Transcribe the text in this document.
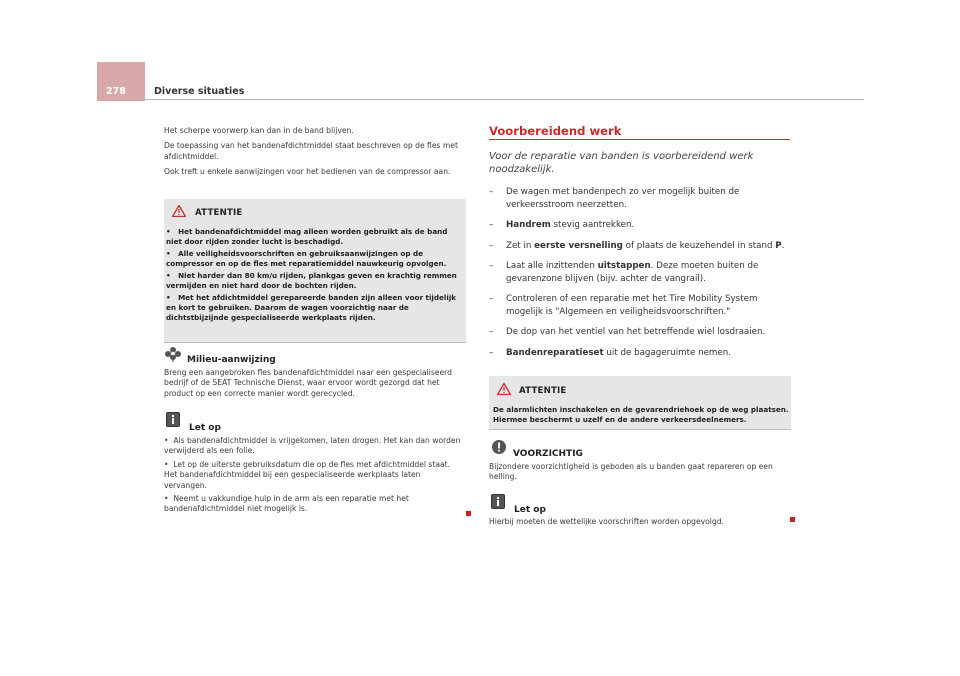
278	Diverse situaties

Het scherpe voorwerp kan dan in de band blijven.

De toepassing van het bandenafdichtmiddel staat beschreven op de fles met afdichtmiddel.

Ook treft u enkele aanwijzingen voor het bedienen van de compressor aan.

ATTENTIE

•   Het bandenafdichtmiddel mag alleen worden gebruikt als de band niet door rijden zonder lucht is beschadigd.

•   Alle veiligheidsvoorschriften en gebruiksaanwijzingen op de compressor en op de fles met reparatiemiddel nauwkeurig opvolgen.

•   Niet harder dan 80 km/u rijden, plankgas geven en krachtig remmen vermijden en niet hard door de bochten rijden.

•   Met het afdichtmiddel gerepareerde banden zijn alleen voor tijdelijk en kort te gebruiken. Daarom de wagen voorzichtig naar de dichtstbijzijnde gespecialiseerde werkplaats rijden.

Milieu-aanwijzing
Breng een aangebroken fles bandenafdichtmiddel naar een gespecialiseerd bedrijf of de SEAT Technische Dienst, waar ervoor wordt gezorgd dat het product op een correcte manier wordt gerecycled.
Let op

•  Als bandenafdichtmiddel is vrijgekomen, laten drogen. Het kan dan worden verwijderd als een folie.

•  Let op de uiterste gebruiksdatum die op de fles met afdichtmiddel staat. Het bandenafdichtmiddel bij een gespecialiseerde werkplaats laten vervangen.

•  Neemt u vakkundige hulp in de arm als een reparatie met het bandenafdichtmiddel niet mogelijk is.

Voorbereidend werk
Voor de reparatie van banden is voorbereidend werk noodzakelijk.
– De wagen met bandenpech zo ver mogelijk buiten de verkeersstroom neerzetten.
– Handrem stevig aantrekken.
– Zet in eerste versnelling of plaats de keuzehendel in stand P.
– Laat alle inzittenden uitstappen. Deze moeten buiten de gevarenzone blijven (bijv. achter de vangrail).
– Controleren of een reparatie met het Tire Mobility System mogelijk is "Algemeen en veiligheidsvoorschriften."
– De dop van het ventiel van het betreffende wiel losdraaien.
– Bandenreparatieset uit de bagageruimte nemen.
ATTENTIE
De alarmlichten inschakelen en de gevarendriehoek op de weg plaatsen. Hiermee beschermt u uzelf en de andere verkeersdeelnemers.
VOORZICHTIG
Bijzondere voorzichtigheid is geboden als u banden gaat repareren op een helling.
Let op
Hierbij moeten de wettelijke voorschriften worden opgevolgd.
